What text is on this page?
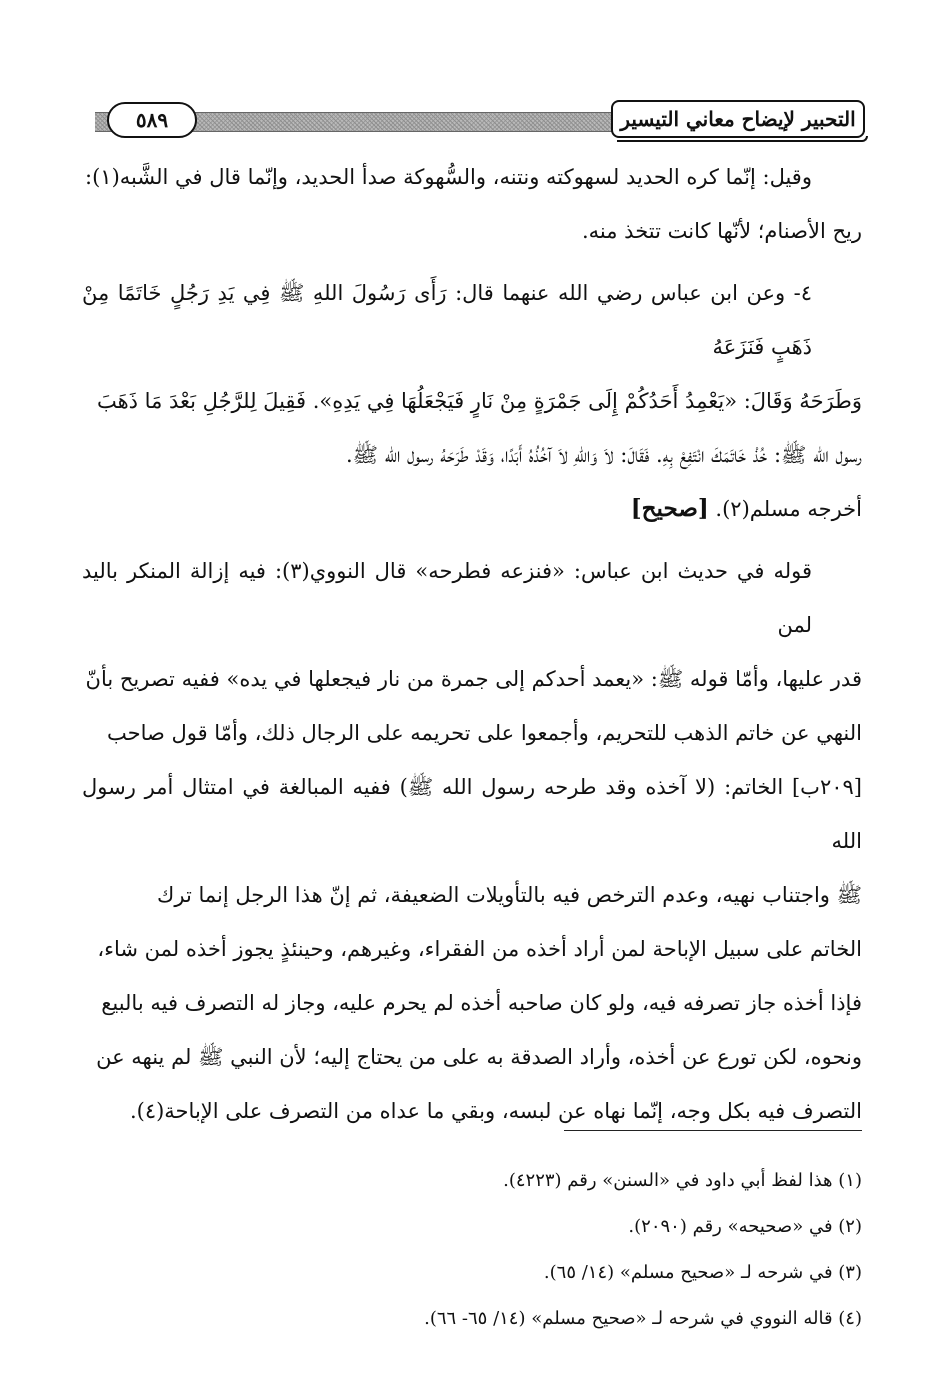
التحبير لإيضاح معاني التيسير
٥٨٩

وقيل: إنّما كره الحديد لسهوكته ونتنه، والسُّهوكة صدأ الحديد، وإنّما قال في الشَّبه(١):

ريح الأصنام؛ لأنّها كانت تتخذ منه.

٤- وعن ابن عباس رضي الله عنهما قال: رَأَى رَسُولَ اللهِ ﷺ فِي يَدِ رَجُلٍ خَاتَمًا مِنْ ذَهَبٍ فَنَزَعَهُ

وَطَرَحَهُ وَقَالَ: «يَعْمِدُ أَحَدُكُمْ إِلَى جَمْرَةٍ مِنْ نَارٍ فَيَجْعَلُهَا فِي يَدِهِ». فَقِيلَ لِلرَّجُلِ بَعْدَ مَا ذَهَبَ

رسول الله ﷺ: خُذْ خَاتَمَكَ انْتَفِعْ بِهِ. فَقَالَ: لاَ وَاللهِ لاَ آخُذُهُ أَبَدًا، وَقَدْ طَرَحَهُ رسول الله ﷺ.

أخرجه مسلم(٢). [صحيح]

قوله في حديث ابن عباس: «فنزعه فطرحه» قال النووي(٣): فيه إزالة المنكر باليد لمن

قدر عليها، وأمّا قوله ﷺ: «يعمد أحدكم إلى جمرة من نار فيجعلها في يده» ففيه تصريح بأنّ

النهي عن خاتم الذهب للتحريم، وأجمعوا على تحريمه على الرجال ذلك، وأمّا قول صاحب

[٢٠٩ب] الخاتم: (لا آخذه وقد طرحه رسول الله ﷺ) ففيه المبالغة في امتثال أمر رسول الله

ﷺ واجتناب نهيه، وعدم الترخص فيه بالتأويلات الضعيفة، ثم إنّ هذا الرجل إنما ترك

الخاتم على سبيل الإباحة لمن أراد أخذه من الفقراء، وغيرهم، وحينئذٍ يجوز أخذه لمن شاء،

فإذا أخذه جاز تصرفه فيه، ولو كان صاحبه أخذه لم يحرم عليه، وجاز له التصرف فيه بالبيع

ونحوه، لكن تورع عن أخذه، وأراد الصدقة به على من يحتاج إليه؛ لأن النبي ﷺ لم ينهه عن

التصرف فيه بكل وجه، إنّما نهاه عن لبسه، وبقي ما عداه من التصرف على الإباحة(٤).

(١) هذا لفظ أبي داود في «السنن» رقم (٤٢٢٣).

(٢) في «صحيحه» رقم (٢٠٩٠).

(٣) في شرحه لـ «صحيح مسلم» (١٤/ ٦٥).

(٤) قاله النووي في شرحه لـ «صحيح مسلم» (١٤/ ٦٥- ٦٦).
